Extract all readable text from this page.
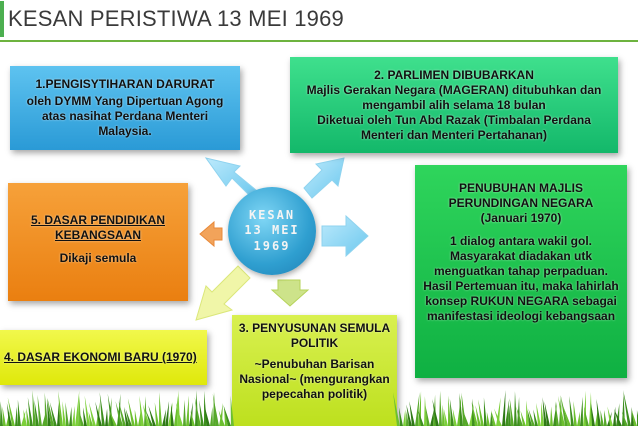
KESAN PERISTIWA 13 MEI 1969
1.PENGISYTIHARAN DARURAT
oleh DYMM Yang Dipertuan Agong atas nasihat Perdana Menteri Malaysia.
2. PARLIMEN DIBUBARKAN
Majlis Gerakan Negara (MAGERAN) ditubuhkan dan mengambil alih selama 18 bulan
Diketuai oleh Tun Abd Razak (Timbalan Perdana Menteri dan Menteri Pertahanan)
5. DASAR PENDIDIKAN KEBANGSAAN
Dikaji semula
KESAN
13 MEI
1969
PENUBUHAN MAJLIS PERUNDINGAN NEGARA
(Januari 1970)
1 dialog antara wakil gol. Masyarakat diadakan utk menguatkan tahap perpaduan.
Hasil Pertemuan itu, maka lahirlah konsep RUKUN NEGARA sebagai manifestasi ideologi kebangsaan
3. PENYUSUNAN SEMULA POLITIK
~Penubuhan Barisan Nasional~ (mengurangkan pepecahan politik)
4. DASAR EKONOMI BARU (1970)
